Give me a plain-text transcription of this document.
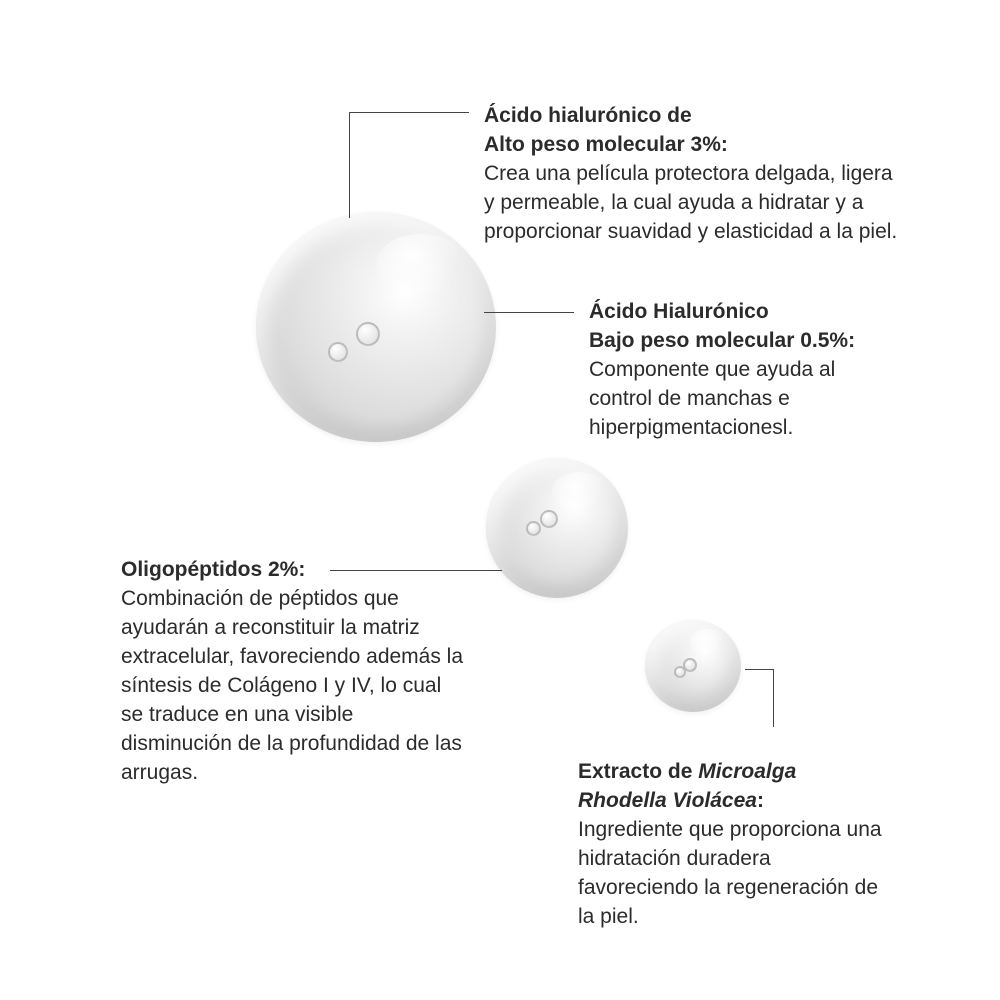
Ácido hialurónico de
Alto peso molecular 3%:
Crea una película protectora delgada, ligera y permeable, la cual ayuda a hidratar y a proporcionar suavidad y elasticidad a la piel.
Ácido Hialurónico
Bajo peso molecular 0.5%:
Componente que ayuda al control de manchas e hiperpigmentacionesl.
Oligopéptidos 2%:
Combinación de péptidos que ayudarán a reconstituir la matriz extracelular, favoreciendo además la síntesis de Colágeno I y IV, lo cual se traduce en una visible disminución de la profundidad de las arrugas.	Extracto de Microalga
Rhodella Violácea:
Ingrediente que proporciona una hidratación duradera favoreciendo la regeneración de la piel.
